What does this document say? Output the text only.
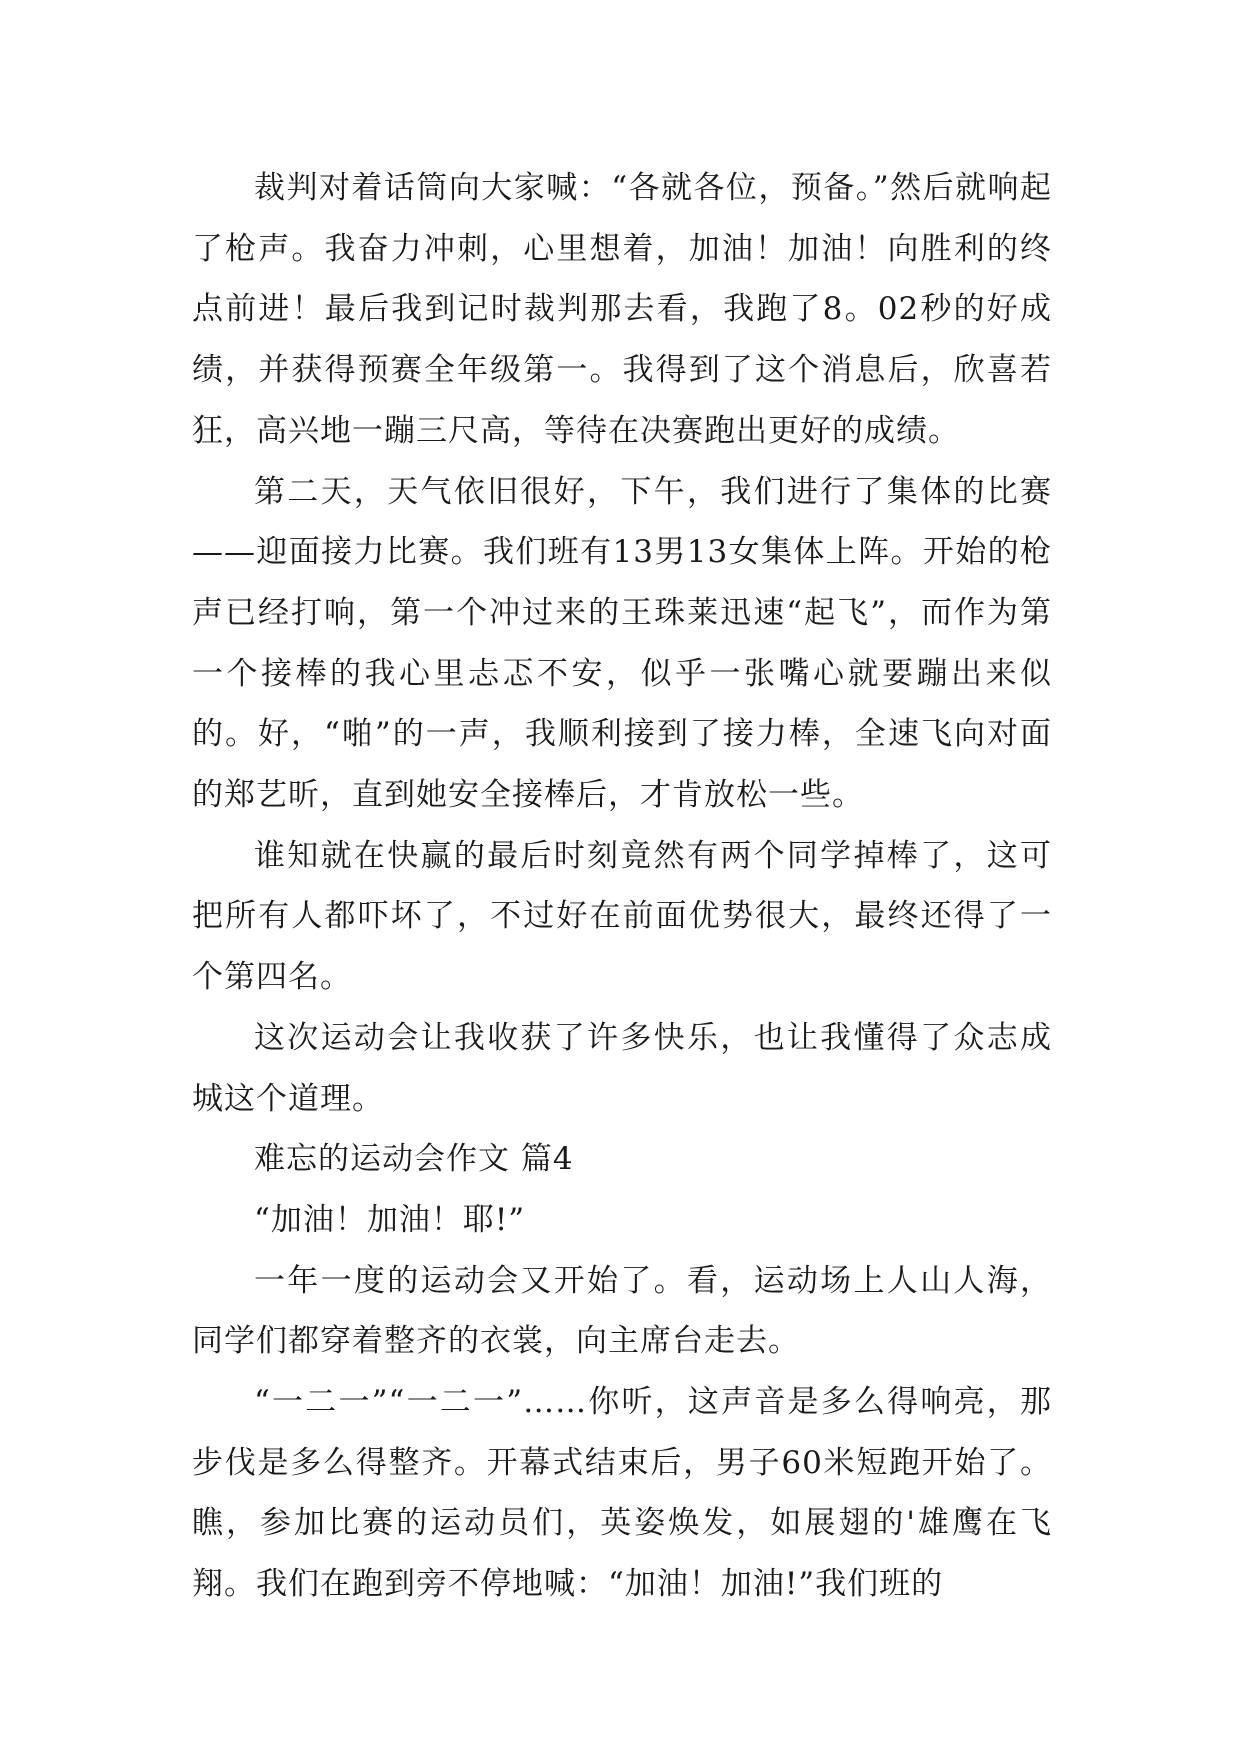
裁判对着话筒向大家喊：“各就各位，预备。”然后就响起了枪声。我奋力冲刺，心里想着，加油！加油！向胜利的终点前进！最后我到记时裁判那去看，我跑了8。02秒的好成绩，并获得预赛全年级第一。我得到了这个消息后，欣喜若狂，高兴地一蹦三尺高，等待在决赛跑出更好的成绩。

第二天，天气依旧很好，下午，我们进行了集体的比赛——迎面接力比赛。我们班有13男13女集体上阵。开始的枪声已经打响，第一个冲过来的王珠莱迅速“起飞”，而作为第一个接棒的我心里忐忑不安，似乎一张嘴心就要蹦出来似的。好，“啪”的一声，我顺利接到了接力棒，全速飞向对面的郑艺昕，直到她安全接棒后，才肯放松一些。

谁知就在快赢的最后时刻竟然有两个同学掉棒了，这可把所有人都吓坏了，不过好在前面优势很大，最终还得了一个第四名。

这次运动会让我收获了许多快乐，也让我懂得了众志成城这个道理。

难忘的运动会作文 篇4

“加油！加油！耶!”

一年一度的运动会又开始了。看，运动场上人山人海，同学们都穿着整齐的衣裳，向主席台走去。

“一二一”“一二一”……你听，这声音是多么得响亮，那步伐是多么得整齐。开幕式结束后，男子60米短跑开始了。瞧，参加比赛的运动员们，英姿焕发，如展翅的'雄鹰在飞翔。我们在跑到旁不停地喊：“加油！加油!”我们班的
